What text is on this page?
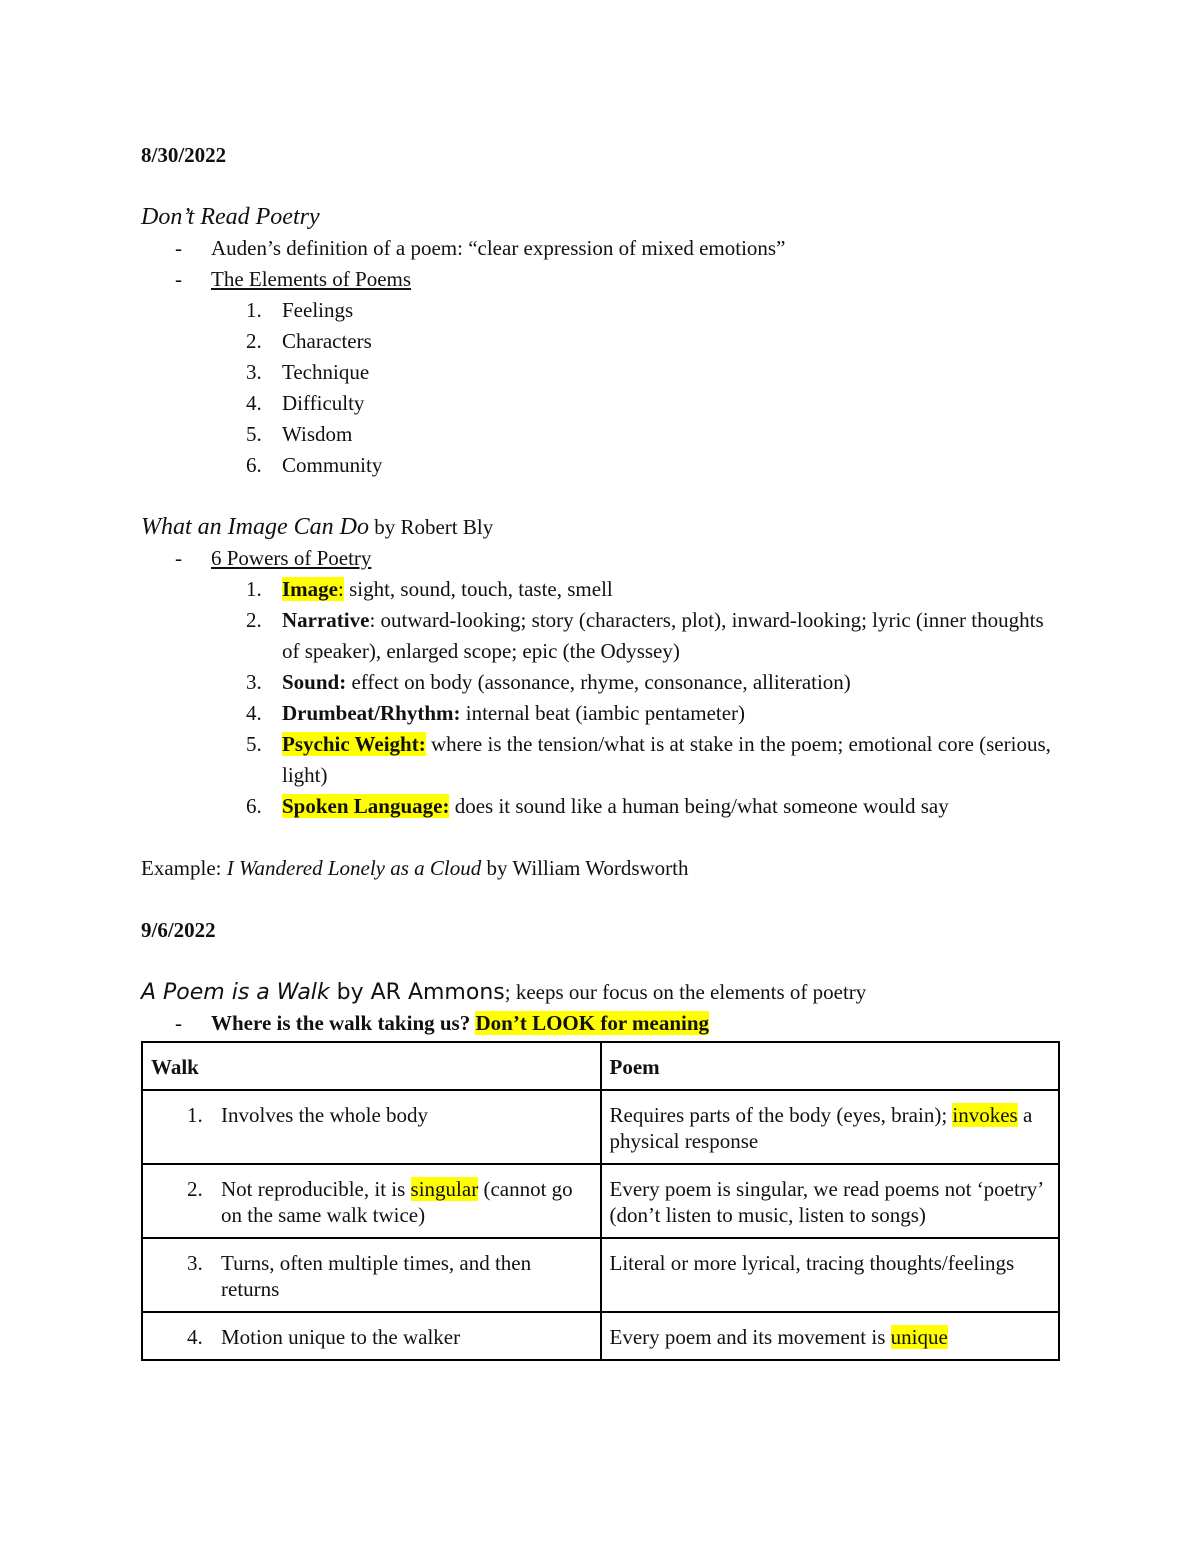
8/30/2022

Don’t Read Poetry

- Auden’s definition of a poem: “clear expression of mixed emotions”
- The Elements of Poems
1. Feelings
2. Characters
3. Technique
4. Difficulty
5. Wisdom
6. Community

What an Image Can Do by Robert Bly

- 6 Powers of Poetry
1. Image: sight, sound, touch, taste, smell
2. Narrative: outward-looking; story (characters, plot), inward-looking; lyric (inner thoughts of speaker), enlarged scope; epic (the Odyssey)
3. Sound: effect on body (assonance, rhyme, consonance, alliteration)
4. Drumbeat/Rhythm: internal beat (iambic pentameter)
5. Psychic Weight: where is the tension/what is at stake in the poem; emotional core (serious, light)
6. Spoken Language: does it sound like a human being/what someone would say

Example: I Wandered Lonely as a Cloud by William Wordsworth

9/6/2022

A Poem is a Walk by AR Ammons; keeps our focus on the elements of poetry

- Where is the walk taking us? Don’t LOOK for meaning
Walk	Poem

1. Involves the whole body	Requires parts of the body (eyes, brain); invokes a physical response

2. Not reproducible, it is singular (cannot go on the same walk twice)	Every poem is singular, we read poems not ‘poetry’ (don’t listen to music, listen to songs)

3. Turns, often multiple times, and then returns	Literal or more lyrical, tracing thoughts/feelings

4. Motion unique to the walker	Every poem and its movement is unique
